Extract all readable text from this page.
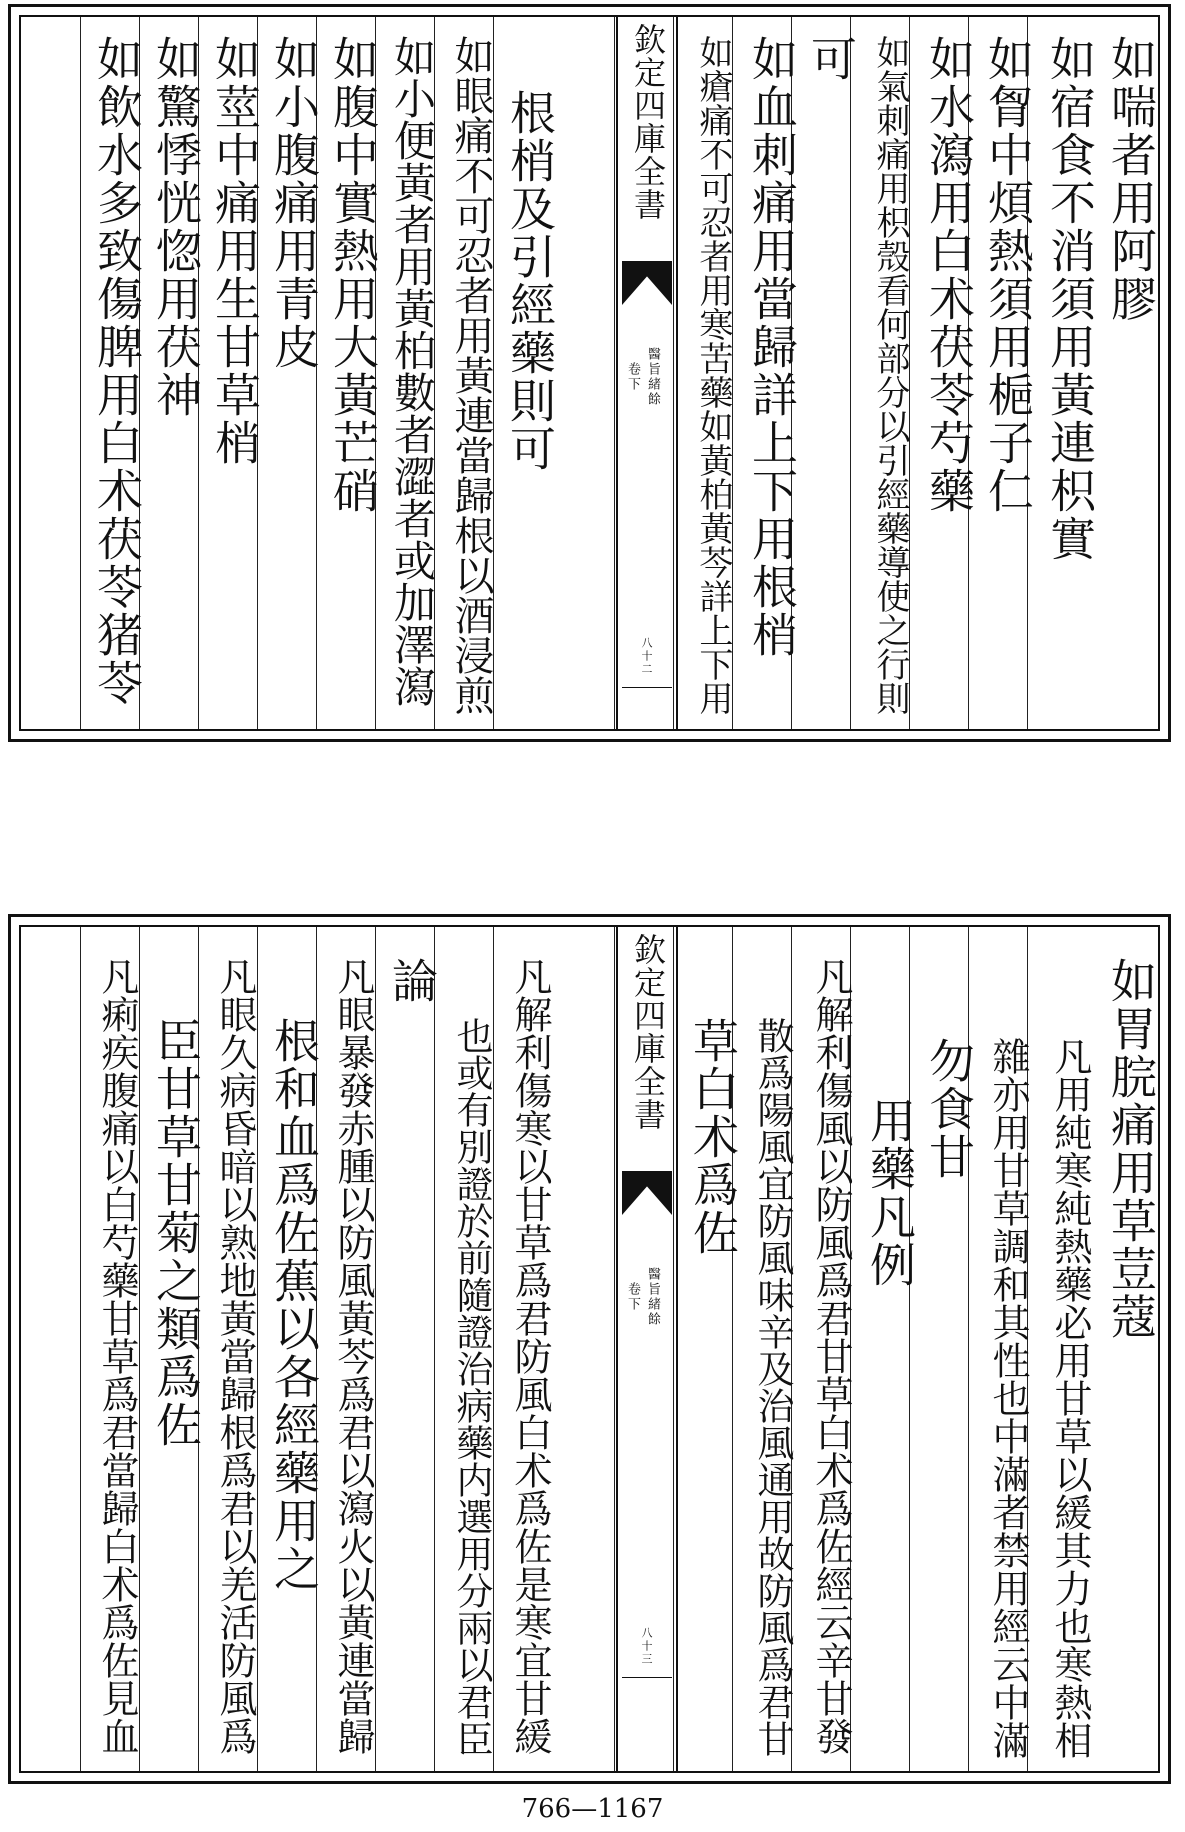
如喘者用阿膠
如宿食不消須用黃連枳實
如胷中煩熱須用梔子仁
如水瀉用白术茯苓芍藥
如氣刺痛用枳殼看何部分以引經藥導使之行則
可
如血刺痛用當歸詳上下用根梢
如瘡痛不可忍者用寒苦藥如黃柏黃芩詳上下用
欽定四庫全書
醫旨緒餘
卷下
八十二
根梢及引經藥則可
如眼痛不可忍者用黃連當歸根以酒浸煎
如小便黃者用黃柏數者澀者或加澤瀉
如腹中實熱用大黃芒硝
如小腹痛用青皮
如莖中痛用生甘草梢
如驚悸恍惚用茯神
如飲水多致傷脾用白术茯苓猪苓
如胃脘痛用草荳蔻
凡用純寒純熱藥必用甘草以緩其力也寒熱相
雜亦用甘草調和其性也中滿者禁用經云中滿
勿食甘
用藥凡例
凡解利傷風以防風爲君甘草白术爲佐經云辛甘發
散爲陽風宜防風味辛及治風通用故防風爲君甘
草白术爲佐
欽定四庫全書
醫旨緒餘
卷下
八十三
凡解利傷寒以甘草爲君防風白术爲佐是寒宜甘緩
也或有別證於前隨證治病藥内選用分兩以君臣
論
凡眼暴發赤腫以防風黃芩爲君以瀉火以黃連當歸
根和血爲佐蕉以各經藥用之
凡眼久病昏暗以熟地黃當歸根爲君以羌活防風爲
臣甘草甘菊之類爲佐
凡痢疾腹痛以白芍藥甘草爲君當歸白术爲佐見血
766—1167
